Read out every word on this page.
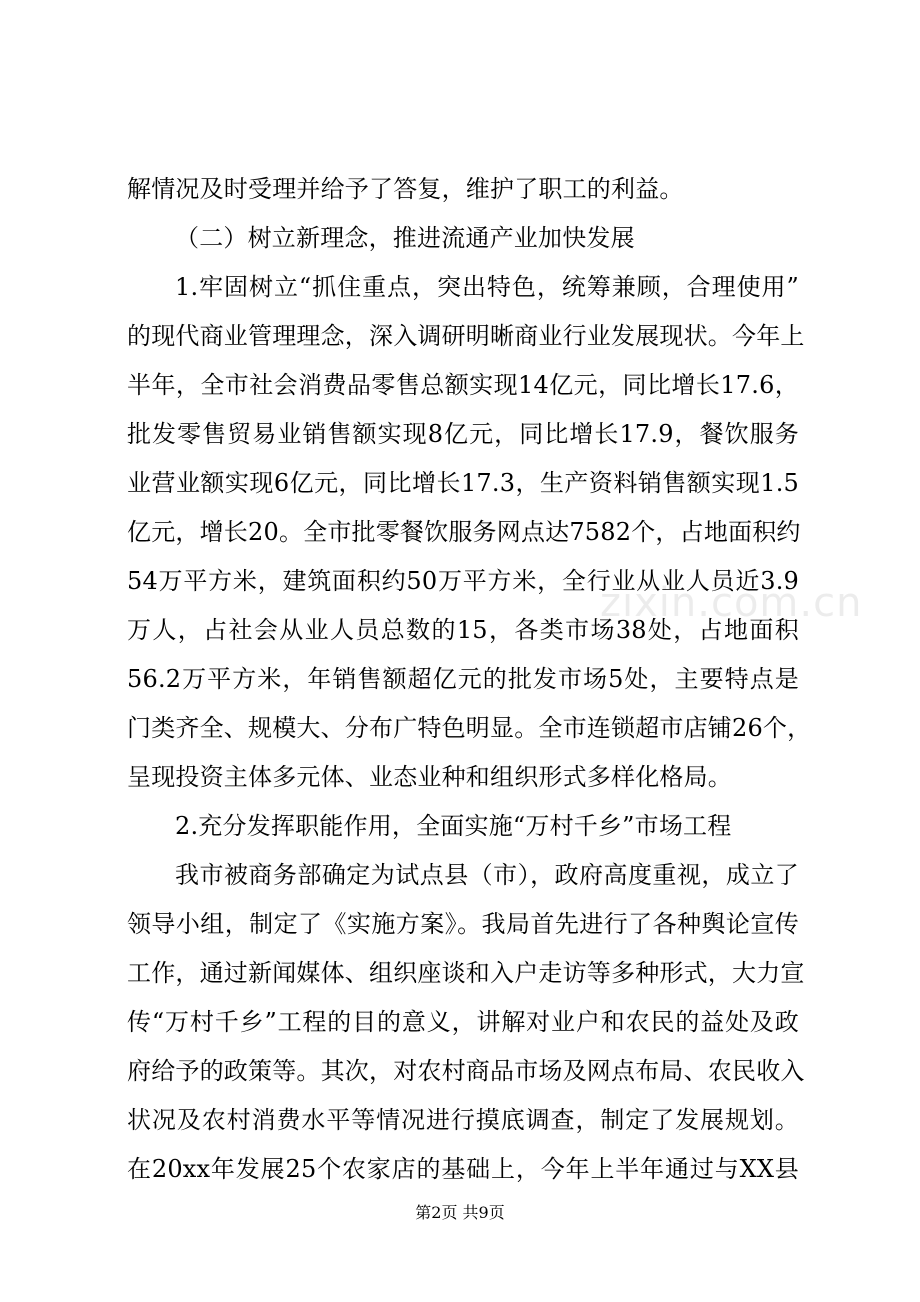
解情况及时受理并给予了答复，维护了职工的利益。
（二）树立新理念，推进流通产业加快发展
1.牢固树立“抓住重点，突出特色，统筹兼顾，合理使用”
的现代商业管理理念，深入调研明晰商业行业发展现状。今年上
半年，全市社会消费品零售总额实现14亿元，同比增长17.6，
批发零售贸易业销售额实现8亿元，同比增长17.9，餐饮服务
业营业额实现6亿元，同比增长17.3，生产资料销售额实现1.5
亿元，增长20。全市批零餐饮服务网点达7582个，占地面积约
54万平方米，建筑面积约50万平方米，全行业从业人员近3.9
万人，占社会从业人员总数的15，各类市场38处，占地面积
56.2万平方米，年销售额超亿元的批发市场5处，主要特点是
门类齐全、规模大、分布广特色明显。全市连锁超市店铺26个，
呈现投资主体多元体、业态业种和组织形式多样化格局。
2.充分发挥职能作用，全面实施“万村千乡”市场工程
我市被商务部确定为试点县（市），政府高度重视，成立了
领导小组，制定了《实施方案》。我局首先进行了各种舆论宣传
工作，通过新闻媒体、组织座谈和入户走访等多种形式，大力宣
传“万村千乡”工程的目的意义，讲解对业户和农民的益处及政
府给予的政策等。其次，对农村商品市场及网点布局、农民收入
状况及农村消费水平等情况进行摸底调查，制定了发展规划。
在20xx年发展25个农家店的基础上，今年上半年通过与XX县
zixin.com.cn
第2页 共9页
